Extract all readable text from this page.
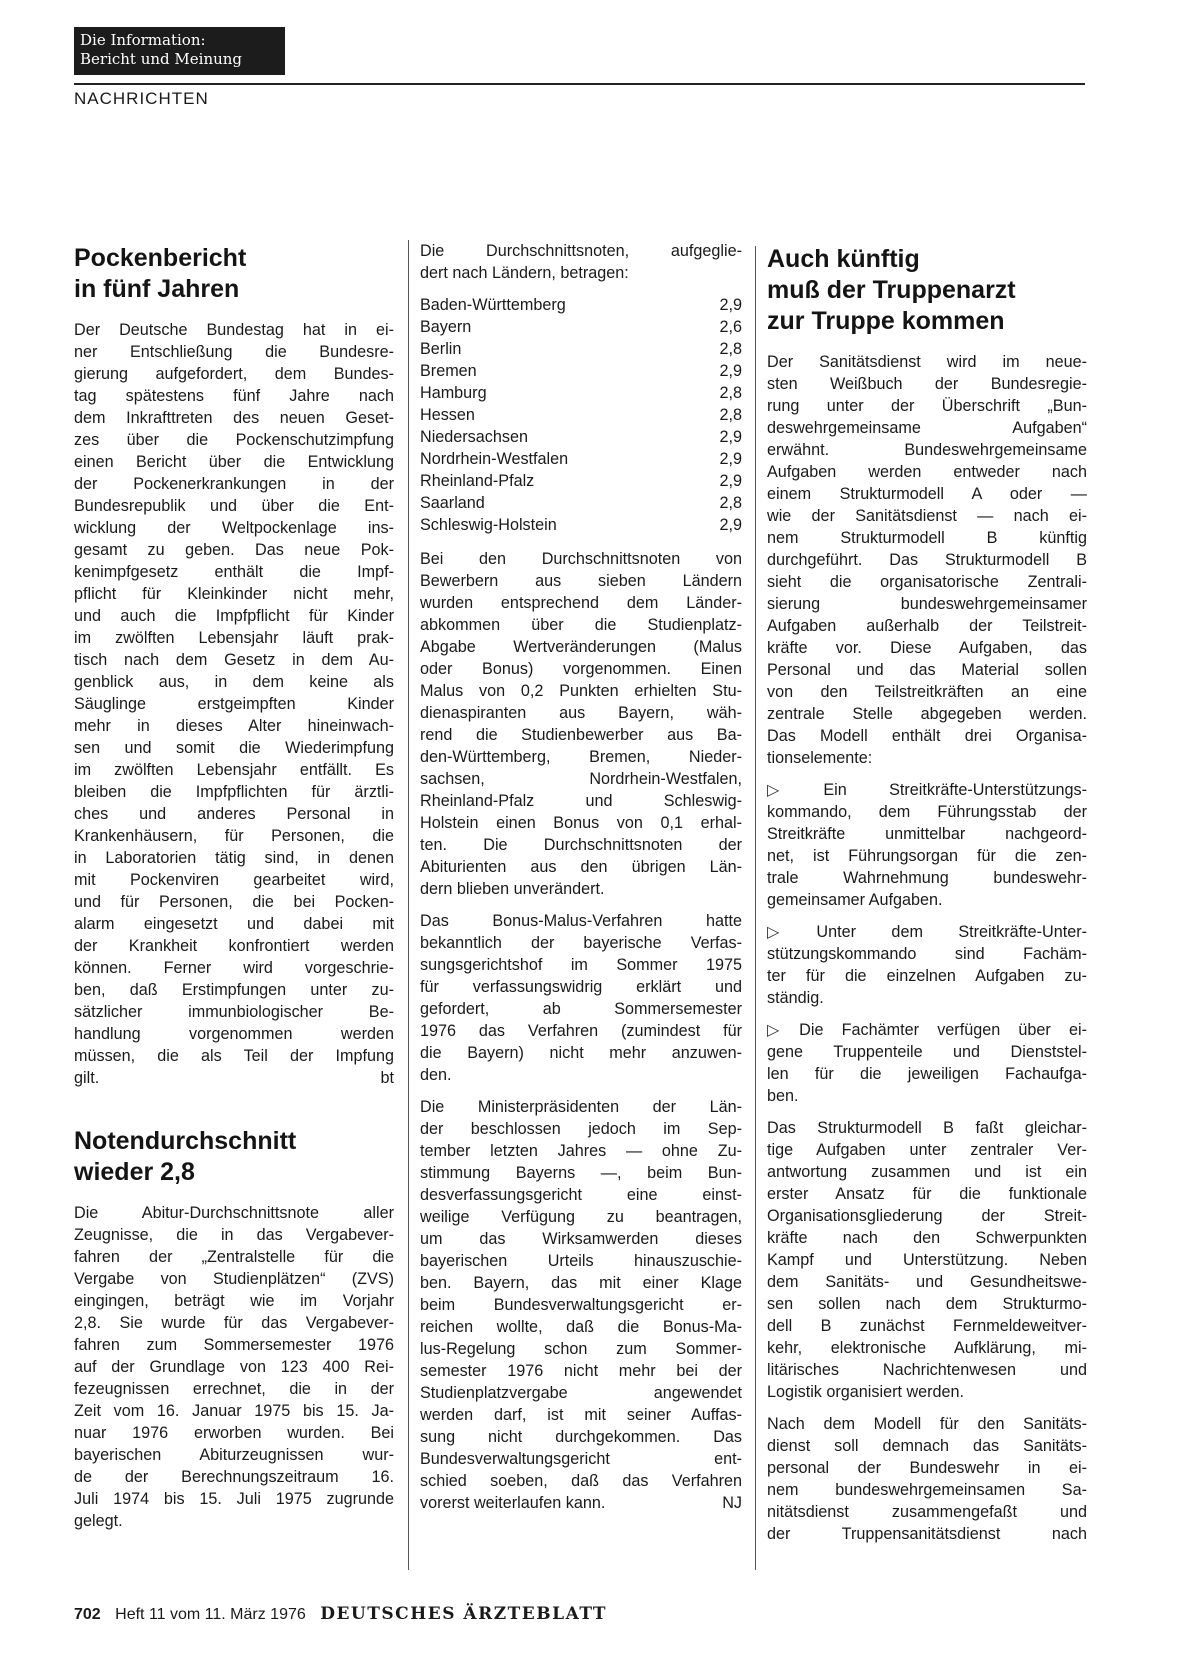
Die Information:
Bericht und Meinung
NACHRICHTEN
Pockenbericht
in fünf Jahren
Der Deutsche Bundestag hat in ei-
ner Entschließung die Bundesre-
gierung aufgefordert, dem Bundes-
tag spätestens fünf Jahre nach
dem Inkrafttreten des neuen Geset-
zes über die Pockenschutzimpfung
einen Bericht über die Entwicklung
der Pockenerkrankungen in der
Bundesrepublik und über die Ent-
wicklung der Weltpockenlage ins-
gesamt zu geben. Das neue Pok-
kenimpfgesetz enthält die Impf-
pflicht für Kleinkinder nicht mehr,
und auch die Impfpflicht für Kinder
im zwölften Lebensjahr läuft prak-
tisch nach dem Gesetz in dem Au-
genblick aus, in dem keine als
Säuglinge erstgeimpften Kinder
mehr in dieses Alter hineinwach-
sen und somit die Wiederimpfung
im zwölften Lebensjahr entfällt. Es
bleiben die Impfpflichten für ärztli-
ches und anderes Personal in
Krankenhäusern, für Personen, die
in Laboratorien tätig sind, in denen
mit Pockenviren gearbeitet wird,
und für Personen, die bei Pocken-
alarm eingesetzt und dabei mit
der Krankheit konfrontiert werden
können. Ferner wird vorgeschrie-
ben, daß Erstimpfungen unter zu-
sätzlicher immunbiologischer Be-
handlung vorgenommen werden
müssen, die als Teil der Impfung
gilt.	bt
Notendurchschnitt
wieder 2,8
Die Abitur-Durchschnittsnote aller
Zeugnisse, die in das Vergabever-
fahren der „Zentralstelle für die
Vergabe von Studienplätzen“ (ZVS)
eingingen, beträgt wie im Vorjahr
2,8. Sie wurde für das Vergabever-
fahren zum Sommersemester 1976
auf der Grundlage von 123 400 Rei-
fezeugnissen errechnet, die in der
Zeit vom 16. Januar 1975 bis 15. Ja-
nuar 1976 erworben wurden. Bei
bayerischen Abiturzeugnissen wur-
de der Berechnungszeitraum 16.
Juli 1974 bis 15. Juli 1975 zugrunde
gelegt.
Die Durchschnittsnoten, aufgeglie-
dert nach Ländern, betragen:
Baden-Württemberg	2,9
Bayern	2,6
Berlin	2,8
Bremen	2,9
Hamburg	2,8
Hessen	2,8
Niedersachsen	2,9
Nordrhein-Westfalen	2,9
Rheinland-Pfalz	2,9
Saarland	2,8
Schleswig-Holstein	2,9
Bei den Durchschnittsnoten von
Bewerbern aus sieben Ländern
wurden entsprechend dem Länder-
abkommen über die Studienplatz-
Abgabe Wertveränderungen (Malus
oder Bonus) vorgenommen. Einen
Malus von 0,2 Punkten erhielten Stu-
dienaspiranten aus Bayern, wäh-
rend die Studienbewerber aus Ba-
den-Württemberg, Bremen, Nieder-
sachsen, Nordrhein-Westfalen,
Rheinland-Pfalz und Schleswig-
Holstein einen Bonus von 0,1 erhal-
ten. Die Durchschnittsnoten der
Abiturienten aus den übrigen Län-
dern blieben unverändert.
Das Bonus-Malus-Verfahren hatte
bekanntlich der bayerische Verfas-
sungsgerichtshof im Sommer 1975
für verfassungswidrig erklärt und
gefordert, ab Sommersemester
1976 das Verfahren (zumindest für
die Bayern) nicht mehr anzuwen-
den.
Die Ministerpräsidenten der Län-
der beschlossen jedoch im Sep-
tember letzten Jahres — ohne Zu-
stimmung Bayerns —, beim Bun-
desverfassungsgericht eine einst-
weilige Verfügung zu beantragen,
um das Wirksamwerden dieses
bayerischen Urteils hinauszuschie-
ben. Bayern, das mit einer Klage
beim Bundesverwaltungsgericht er-
reichen wollte, daß die Bonus-Ma-
lus-Regelung schon zum Sommer-
semester 1976 nicht mehr bei der
Studienplatzvergabe angewendet
werden darf, ist mit seiner Auffas-
sung nicht durchgekommen. Das
Bundesverwaltungsgericht ent-
schied soeben, daß das Verfahren
vorerst weiterlaufen kann.	NJ
Auch künftig
muß der Truppenarzt
zur Truppe kommen
Der Sanitätsdienst wird im neue-
sten Weißbuch der Bundesregie-
rung unter der Überschrift „Bun-
deswehrgemeinsame Aufgaben“
erwähnt. Bundeswehrgemeinsame
Aufgaben werden entweder nach
einem Strukturmodell A oder —
wie der Sanitätsdienst — nach ei-
nem Strukturmodell B künftig
durchgeführt. Das Strukturmodell B
sieht die organisatorische Zentrali-
sierung bundeswehrgemeinsamer
Aufgaben außerhalb der Teilstreit-
kräfte vor. Diese Aufgaben, das
Personal und das Material sollen
von den Teilstreitkräften an eine
zentrale Stelle abgegeben werden.
Das Modell enthält drei Organisa-
tionselemente:
▷ Ein Streitkräfte-Unterstützungs-
kommando, dem Führungsstab der
Streitkräfte unmittelbar nachgeord-
net, ist Führungsorgan für die zen-
trale Wahrnehmung bundeswehr-
gemeinsamer Aufgaben.
▷ Unter dem Streitkräfte-Unter-
stützungskommando sind Fachäm-
ter für die einzelnen Aufgaben zu-
ständig.
▷ Die Fachämter verfügen über ei-
gene Truppenteile und Dienststel-
len für die jeweiligen Fachaufga-
ben.
Das Strukturmodell B faßt gleichar-
tige Aufgaben unter zentraler Ver-
antwortung zusammen und ist ein
erster Ansatz für die funktionale
Organisationsgliederung der Streit-
kräfte nach den Schwerpunkten
Kampf und Unterstützung. Neben
dem Sanitäts- und Gesundheitswe-
sen sollen nach dem Strukturmo-
dell B zunächst Fernmeldeweitver-
kehr, elektronische Aufklärung, mi-
litärisches Nachrichtenwesen und
Logistik organisiert werden.
Nach dem Modell für den Sanitäts-
dienst soll demnach das Sanitäts-
personal der Bundeswehr in ei-
nem bundeswehrgemeinsamen Sa-
nitätsdienst zusammengefaßt und
der Truppensanitätsdienst nach
702 Heft 11 vom 11. März 1976 DEUTSCHES ÄRZTEBLATT
